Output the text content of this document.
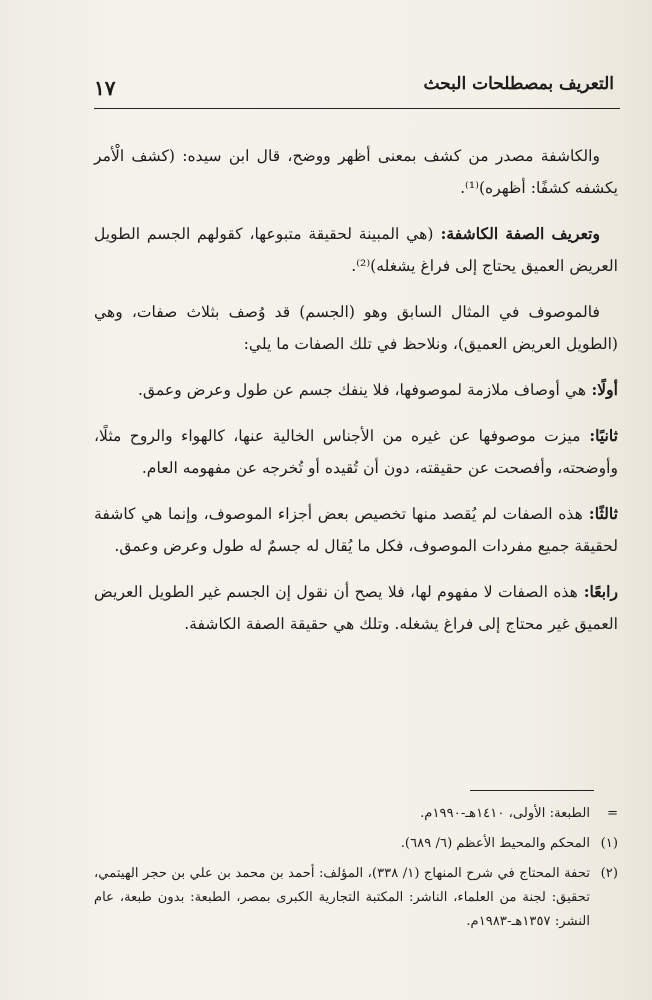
التعريف بمصطلحات البحث
١٧

والكاشفة مصدر من كشف بمعنى أظهر ووضح، قال ابن سيده: (كشف الْأمر يكشفه كشفًا: أظهره)⁽¹⁾.

وتعريف الصفة الكاشفة: (هي المبينة لحقيقة متبوعها، كقولهم الجسم الطويل العريض العميق يحتاج إلى فراغ يشغله)⁽²⁾.

فالموصوف في المثال السابق وهو (الجسم) قد وُصف بثلاث صفات، وهي (الطويل العريض العميق)، ونلاحظ في تلك الصفات ما يلي:

أولًا: هي أوصاف ملازمة لموصوفها، فلا ينفك جسم عن طول وعرض وعمق.

ثانيًا: ميزت موصوفها عن غيره من الأجناس الخالية عنها، كالهواء والروح مثلًا، وأوضحته، وأفصحت عن حقيقته، دون أن تُقيده أو تُخرجه عن مفهومه العام.

ثالثًا: هذه الصفات لم يُقصد منها تخصيص بعض أجزاء الموصوف، وإنما هي كاشفة لحقيقة جميع مفردات الموصوف، فكل ما يُقال له جسمٌ له طول وعرض وعمق.

رابعًا: هذه الصفات لا مفهوم لها، فلا يصح أن نقول إن الجسم غير الطويل العريض العميق غير محتاج إلى فراغ يشغله. وتلك هي حقيقة الصفة الكاشفة.

=
الطبعة: الأولى، ١٤١٠هـ-١٩٩٠م.
(١)
المحكم والمحيط الأعظم (٦/ ٦٨٩).
(٢)
تحفة المحتاج في شرح المنهاج (١/ ٣٣٨)، المؤلف: أحمد بن محمد بن علي بن حجر الهيتمي، تحقيق: لجنة من العلماء، الناشر: المكتبة التجارية الكبرى بمصر، الطبعة: بدون طبعة، عام النشر: ١٣٥٧هـ-١٩٨٣م.
